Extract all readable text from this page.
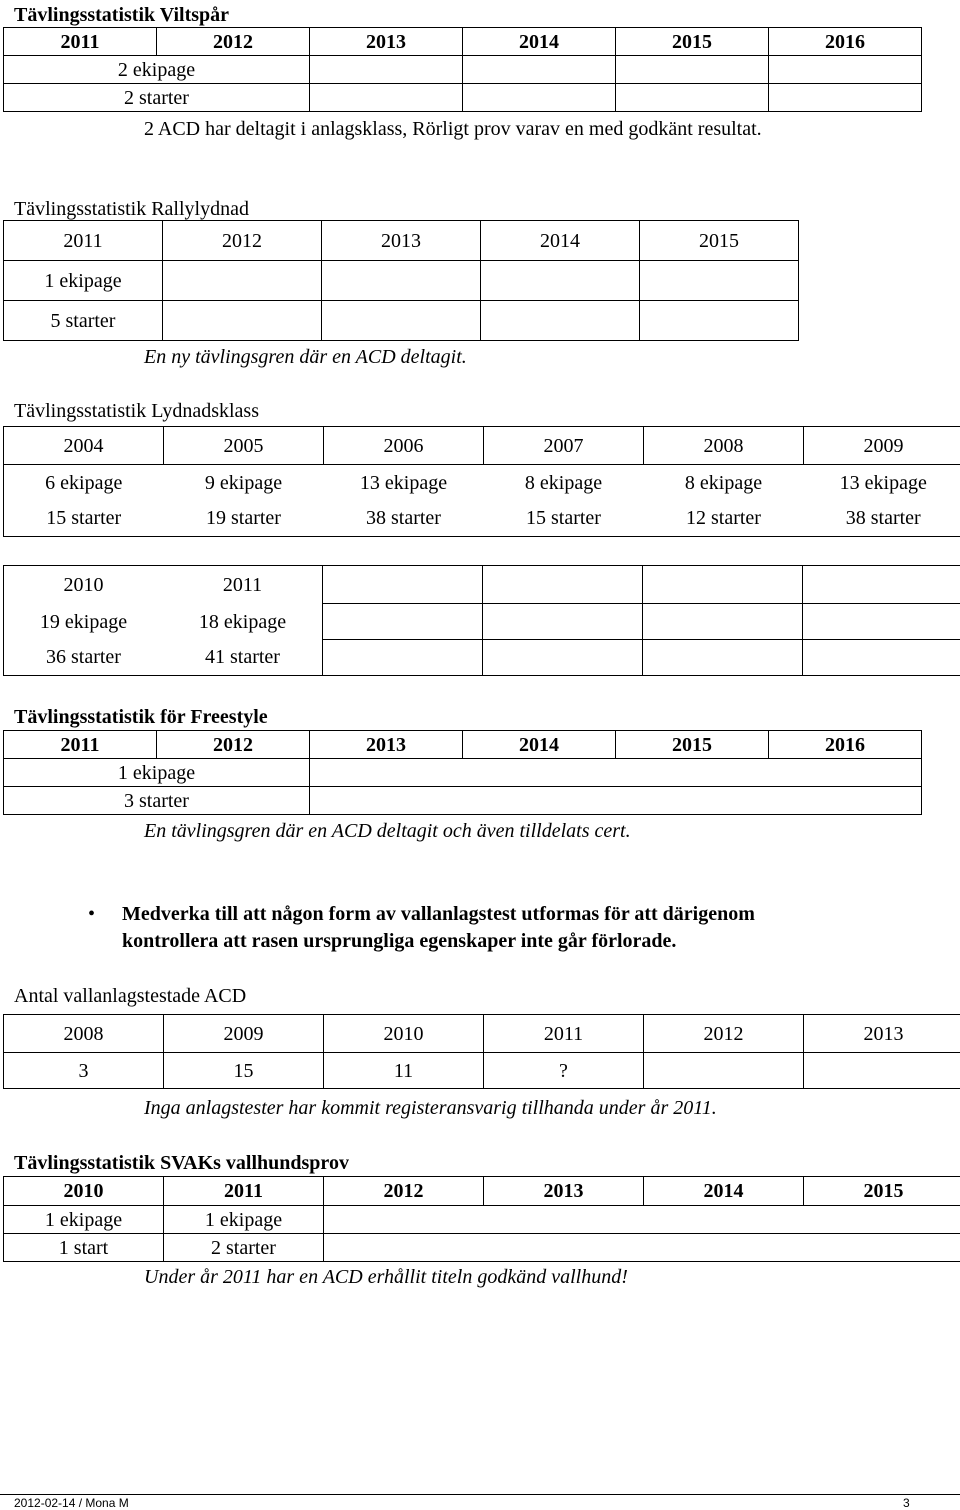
Tävlingsstatistik Viltspår
2011	2012	2013	2014	2015	2016
2 ekipage					
2 starter					
2 ACD har deltagit i anlagsklass, Rörligt prov varav en med godkänt resultat.
Tävlingsstatistik Rallylydnad
2011	2012	2013	2014	2015
1 ekipage				
5 starter				
En ny tävlingsgren där en ACD deltagit.
Tävlingsstatistik Lydnadsklass
2004	2005	2006	2007	2008	2009
6 ekipage	9 ekipage	13 ekipage	8 ekipage	8 ekipage	13 ekipage
15 starter	19 starter	38 starter	15 starter	12 starter	38 starter
2010	2011				
19 ekipage	18 ekipage				
36 starter	41 starter				
Tävlingsstatistik för Freestyle
2011	2012	2013	2014	2015	2016
1 ekipage					
3 starter					
En tävlingsgren där en ACD deltagit och även tilldelats cert.
• Medverka till att någon form av vallanlagstest utformas för att därigenom
kontrollera att rasen ursprungliga egenskaper inte går förlorade.
Antal vallanlagstestade ACD
2008	2009	2010	2011	2012	2013
3	15	11	?		
Inga anlagstester har kommit registeransvarig tillhanda under år 2011.
Tävlingsstatistik SVAKs vallhundsprov
2010	2011	2012	2013	2014	2015
1 ekipage	1 ekipage				
1 start	2 starter				
Under år 2011 har en ACD erhållit titeln godkänd vallhund!
2012-02-14 / Mona M	3
